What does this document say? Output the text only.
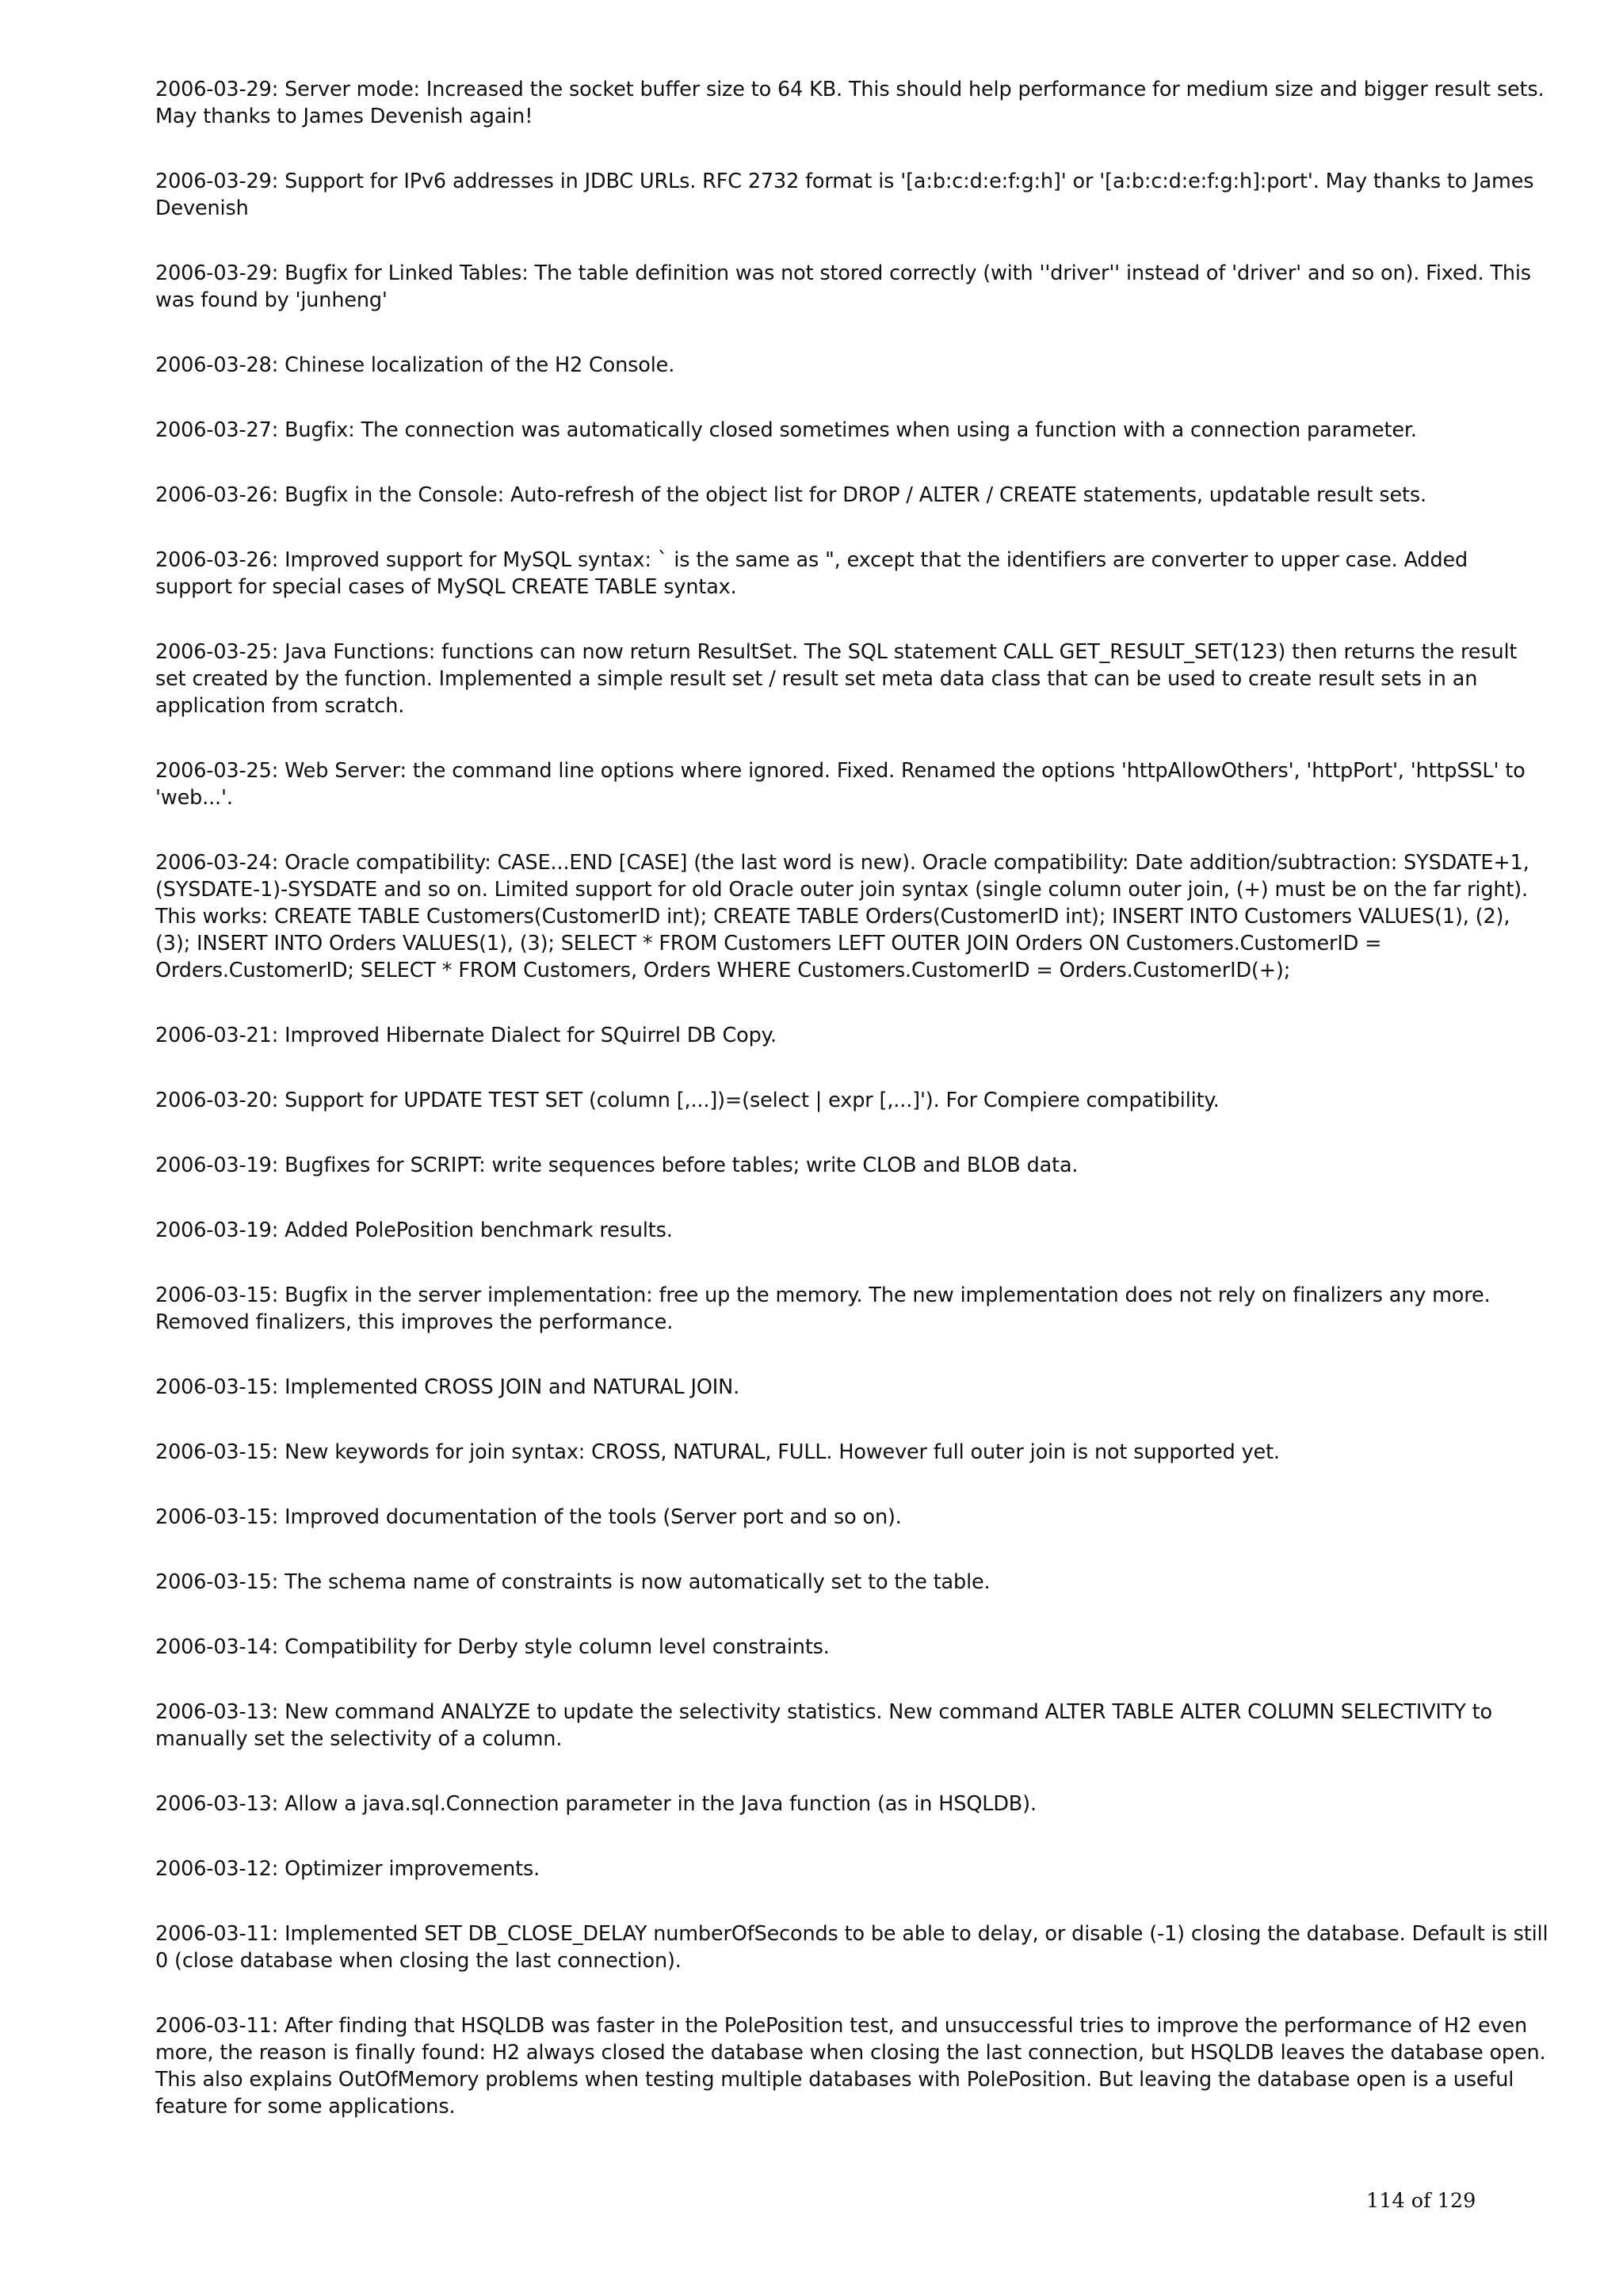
2006-03-29: Server mode: Increased the socket buffer size to 64 KB. This should help performance for medium size and bigger result sets. May thanks to James Devenish again!

2006-03-29: Support for IPv6 addresses in JDBC URLs. RFC 2732 format is '[a:b:c:d:e:f:g:h]' or '[a:b:c:d:e:f:g:h]:port'. May thanks to James Devenish

2006-03-29: Bugfix for Linked Tables: The table definition was not stored correctly (with ''driver'' instead of 'driver' and so on). Fixed. This was found by 'junheng'

2006-03-28: Chinese localization of the H2 Console.

2006-03-27: Bugfix: The connection was automatically closed sometimes when using a function with a connection parameter.

2006-03-26: Bugfix in the Console: Auto-refresh of the object list for DROP / ALTER / CREATE statements, updatable result sets.

2006-03-26: Improved support for MySQL syntax: ` is the same as ", except that the identifiers are converter to upper case. Added support for special cases of MySQL CREATE TABLE syntax.

2006-03-25: Java Functions: functions can now return ResultSet. The SQL statement CALL GET_RESULT_SET(123) then returns the result set created by the function. Implemented a simple result set / result set meta data class that can be used to create result sets in an application from scratch.

2006-03-25: Web Server: the command line options where ignored. Fixed. Renamed the options 'httpAllowOthers', 'httpPort', 'httpSSL' to 'web...'.

2006-03-24: Oracle compatibility: CASE...END [CASE] (the last word is new). Oracle compatibility: Date addition/subtraction: SYSDATE+1, (SYSDATE-1)-SYSDATE and so on. Limited support for old Oracle outer join syntax (single column outer join, (+) must be on the far right). This works: CREATE TABLE Customers(CustomerID int); CREATE TABLE Orders(CustomerID int); INSERT INTO Customers VALUES(1), (2), (3); INSERT INTO Orders VALUES(1), (3); SELECT * FROM Customers LEFT OUTER JOIN Orders ON Customers.CustomerID = Orders.CustomerID; SELECT * FROM Customers, Orders WHERE Customers.CustomerID = Orders.CustomerID(+);

2006-03-21: Improved Hibernate Dialect for SQuirrel DB Copy.

2006-03-20: Support for UPDATE TEST SET (column [,...])=(select | expr [,...]'). For Compiere compatibility.

2006-03-19: Bugfixes for SCRIPT: write sequences before tables; write CLOB and BLOB data.

2006-03-19: Added PolePosition benchmark results.

2006-03-15: Bugfix in the server implementation: free up the memory. The new implementation does not rely on finalizers any more. Removed finalizers, this improves the performance.

2006-03-15: Implemented CROSS JOIN and NATURAL JOIN.

2006-03-15: New keywords for join syntax: CROSS, NATURAL, FULL. However full outer join is not supported yet.

2006-03-15: Improved documentation of the tools (Server port and so on).

2006-03-15: The schema name of constraints is now automatically set to the table.

2006-03-14: Compatibility for Derby style column level constraints.

2006-03-13: New command ANALYZE to update the selectivity statistics. New command ALTER TABLE ALTER COLUMN SELECTIVITY to manually set the selectivity of a column.

2006-03-13: Allow a java.sql.Connection parameter in the Java function (as in HSQLDB).

2006-03-12: Optimizer improvements.

2006-03-11: Implemented SET DB_CLOSE_DELAY numberOfSeconds to be able to delay, or disable (-1) closing the database. Default is still 0 (close database when closing the last connection).

2006-03-11: After finding that HSQLDB was faster in the PolePosition test, and unsuccessful tries to improve the performance of H2 even more, the reason is finally found: H2 always closed the database when closing the last connection, but HSQLDB leaves the database open. This also explains OutOfMemory problems when testing multiple databases with PolePosition. But leaving the database open is a useful feature for some applications.

114 of 129
